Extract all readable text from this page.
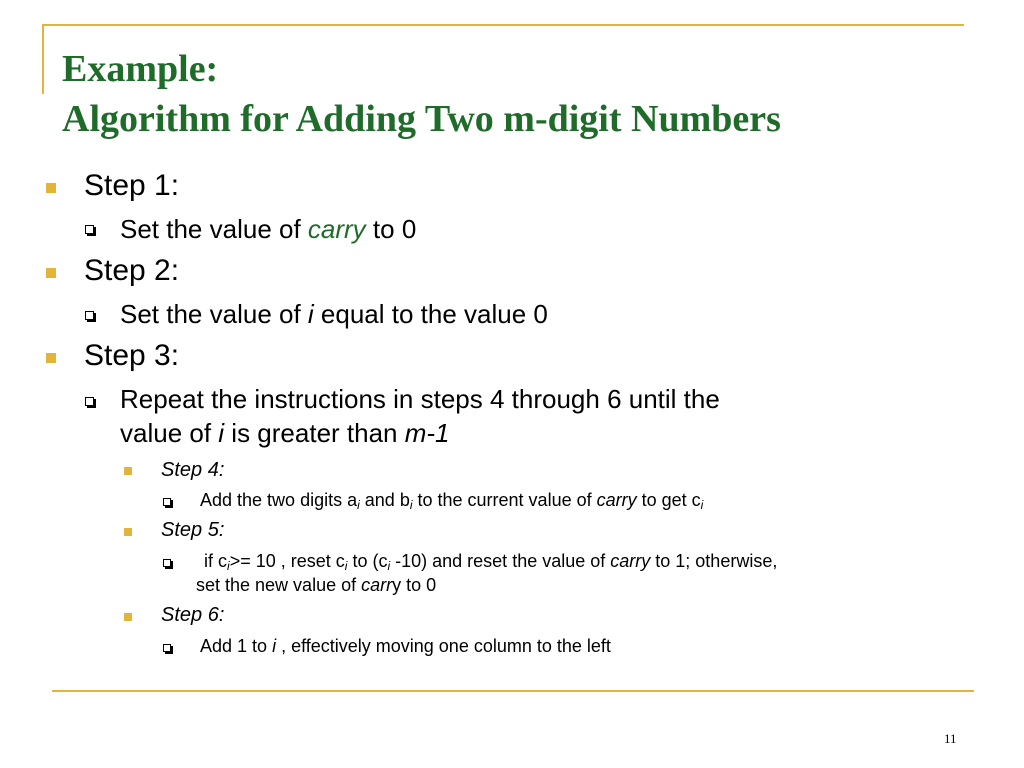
Example:
Algorithm for Adding Two m-digit Numbers
Step 1:
Set the value of carry to 0
Step 2:
Set the value of i equal to the value 0
Step 3:
Repeat the instructions in steps 4 through 6 until the
value of i is greater than m-1
Step 4:
Add the two digits $a_i$ and $b_i$ to the current value of carry to get $c_i$
Step 5:
if $c_i>= 10$ , reset $c_i$ to ($c_i$ -10) and reset the value of carry to 1; otherwise,
set the new value of carry to 0
Step 6:
Add 1 to i , effectively moving one column to the left
11
